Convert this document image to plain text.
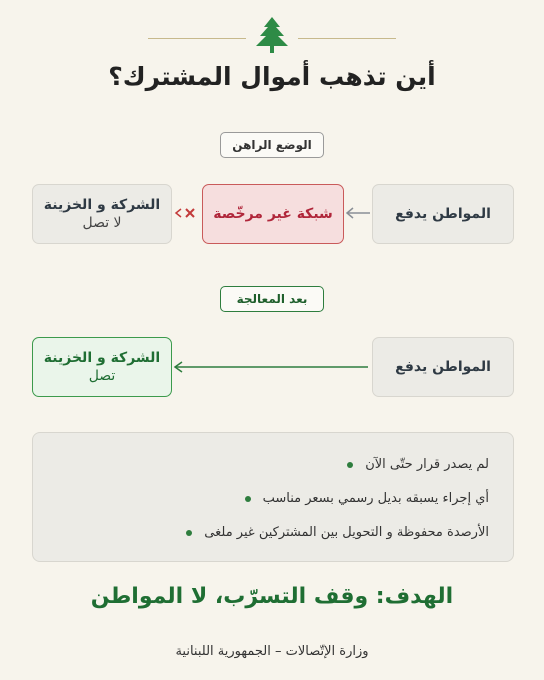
أين تذهب أموال المشترك؟
الوضع الراهن
المواطن يدفع
شبكة غير مرخّصة
الشركة و الخزينة
لا تصل
بعد المعالجة
المواطن يدفع
الشركة و الخزينة
تصل
لم يصدر قرار حتّى الآن
أي إجراء يسبقه بديل رسمي بسعر مناسب
الأرصدة محفوظة و التحويل بين المشتركين غير ملغى
الهدف: وقف التسرّب، لا المواطن
وزارة الإتّصالات – الجمهورية اللبنانية
